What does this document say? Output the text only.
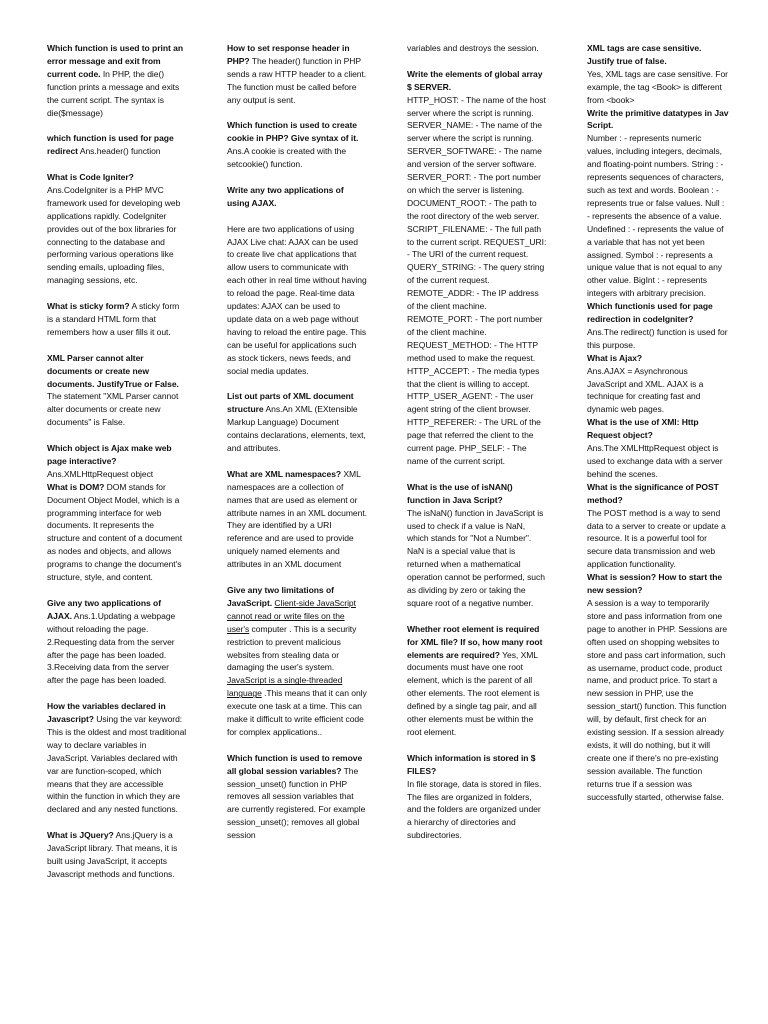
Which function is used to print an error message and exit from current code. In PHP, the die() function prints a message and exits the current script. The syntax is die($message)
which function is used for page redirect Ans.header() function
What is Code Igniter?Ans.CodeIgniter is a PHP MVC framework used for developing web applications rapidly. CodeIgniter provides out of the box libraries for connecting to the database and performing various operations like sending emails, uploading files, managing sessions, etc.
What is sticky form? A sticky form is a standard HTML form that remembers how a user fills it out.
XML Parser cannot alter documents or create new documents. JustifyTrue or False. The statement "XML Parser cannot alter documents or create new documents" is False.
Which object is Ajax make web page interactive? Ans.XMLHttpRequest object
What is DOM? DOM stands for Document Object Model, which is a programming interface for web documents. It represents the structure and content of a document as nodes and objects, and allows programs to change the document's structure, style, and content.
Give any two applications of AJAX. Ans.1.Updating a webpage without reloading the page. 2.Requesting data from the server after the page has been loaded. 3.Receiving data from the server after the page has been loaded.
How the variables declared in Javascript? Using the var keyword: This is the oldest and most traditional way to declare variables in JavaScript. Variables declared with var are function-scoped, which means that they are accessible within the function in which they are declared and any nested functions.
What is JQuery? Ans.jQuery is a JavaScript library. That means, it is built using JavaScript, it accepts Javascript methods and functions.
How to set response header in PHP? The header() function in PHP sends a raw HTTP header to a client. The function must be called before any output is sent.
Which function is used to create cookie in PHP? Give syntax of it. Ans.A cookie is created with the setcookie() function.
Write any two applications of using AJAX.
Here are two applications of using AJAX Live chat: AJAX can be used to create live chat applications that allow users to communicate with each other in real time without having to reload the page. Real-time data updates: AJAX can be used to update data on a web page without having to reload the entire page. This can be useful for applications such as stock tickers, news feeds, and social media updates.
List out parts of XML document structure Ans.An XML (EXtensible Markup Language) Document contains declarations, elements, text, and attributes.
What are XML namespaces? XML namespaces are a collection of names that are used as element or attribute names in an XML document. They are identified by a URI reference and are used to provide uniquely named elements and attributes in an XML document
Give any two limitations of JavaScript. Client-side JavaScript cannot read or write files on the user's computer . This is a security restriction to prevent malicious websites from stealing data or damaging the user's system.
JavaScript is a single-threaded language .This means that it can only execute one task at a time. This can make it difficult to write efficient code for complex applications..
Which function is used to remove all global session variables? The session_unset() function in PHP removes all session variables that are currently registered. For example session_unset(); removes all global session
variables and destroys the session.
Write the elements of global array $ SERVER.
HTTP_HOST: - The name of the host server where the script is running. SERVER_NAME: - The name of the server where the script is running. SERVER_SOFTWARE: - The name and version of the server software. SERVER_PORT: - The port number on which the server is listening. DOCUMENT_ROOT: - The path to the root directory of the web server. SCRIPT_FILENAME: - The full path to the current script. REQUEST_URI: - The URI of the current request. QUERY_STRING: - The query string of the current request. REMOTE_ADDR: - The IP address of the client machine. REMOTE_PORT: - The port number of the client machine. REQUEST_METHOD: - The HTTP method used to make the request. HTTP_ACCEPT: - The media types that the client is willing to accept. HTTP_USER_AGENT: - The user agent string of the client browser. HTTP_REFERER: - The URL of the page that referred the client to the current page. PHP_SELF: - The name of the current script.
What is the use of isNAN() function in Java Script?
The isNaN() function in JavaScript is used to check if a value is NaN, which stands for "Not a Number". NaN is a special value that is returned when a mathematical operation cannot be performed, such as dividing by zero or taking the square root of a negative number.
Whether root element is required for XML file? If so, how many root elements are required? Yes, XML documents must have one root element, which is the parent of all other elements. The root element is defined by a single tag pair, and all other elements must be within the root element.
Which information is stored in $ FILES?
In file storage, data is stored in files. The files are organized in folders, and the folders are organized under a hierarchy of directories and subdirectories.
XML tags are case sensitive. Justify true of false.
Yes, XML tags are case sensitive. For example, the tag <Book> is different from <book>
Write the primitive datatypes in Jav Script.
Number : - represents numeric values, including integers, decimals, and floating-point numbers. String : - represents sequences of characters, such as text and words. Boolean : - represents true or false values. Null : - represents the absence of a value. Undefined : - represents the value of a variable that has not yet been assigned. Symbol : - represents a unique value that is not equal to any other value. BigInt : - represents integers with arbitrary precision.
Which functionis used for page redirection in codelgniter?
Ans.The redirect() function is used for this purpose.
What is Ajax?
Ans.AJAX = Asynchronous JavaScript and XML. AJAX is a technique for creating fast and dynamic web pages.
What is the use of XMl: Http Request object?
Ans.The XMLHttpRequest object is used to exchange data with a server behind the scenes.
What is the significance of POST method?
The POST method is a way to send data to a server to create or update a resource. It is a powerful tool for secure data transmission and web application functionality.
What is session? How to start the new session?
A session is a way to temporarily store and pass information from one page to another in PHP. Sessions are often used on shopping websites to store and pass cart information, such as username, product code, product name, and product price. To start a new session in PHP, use the session_start() function. This function will, by default, first check for an existing session. If a session already exists, it will do nothing, but it will create one if there's no pre-existing session available. The function returns true if a session was successfully started, otherwise false.
